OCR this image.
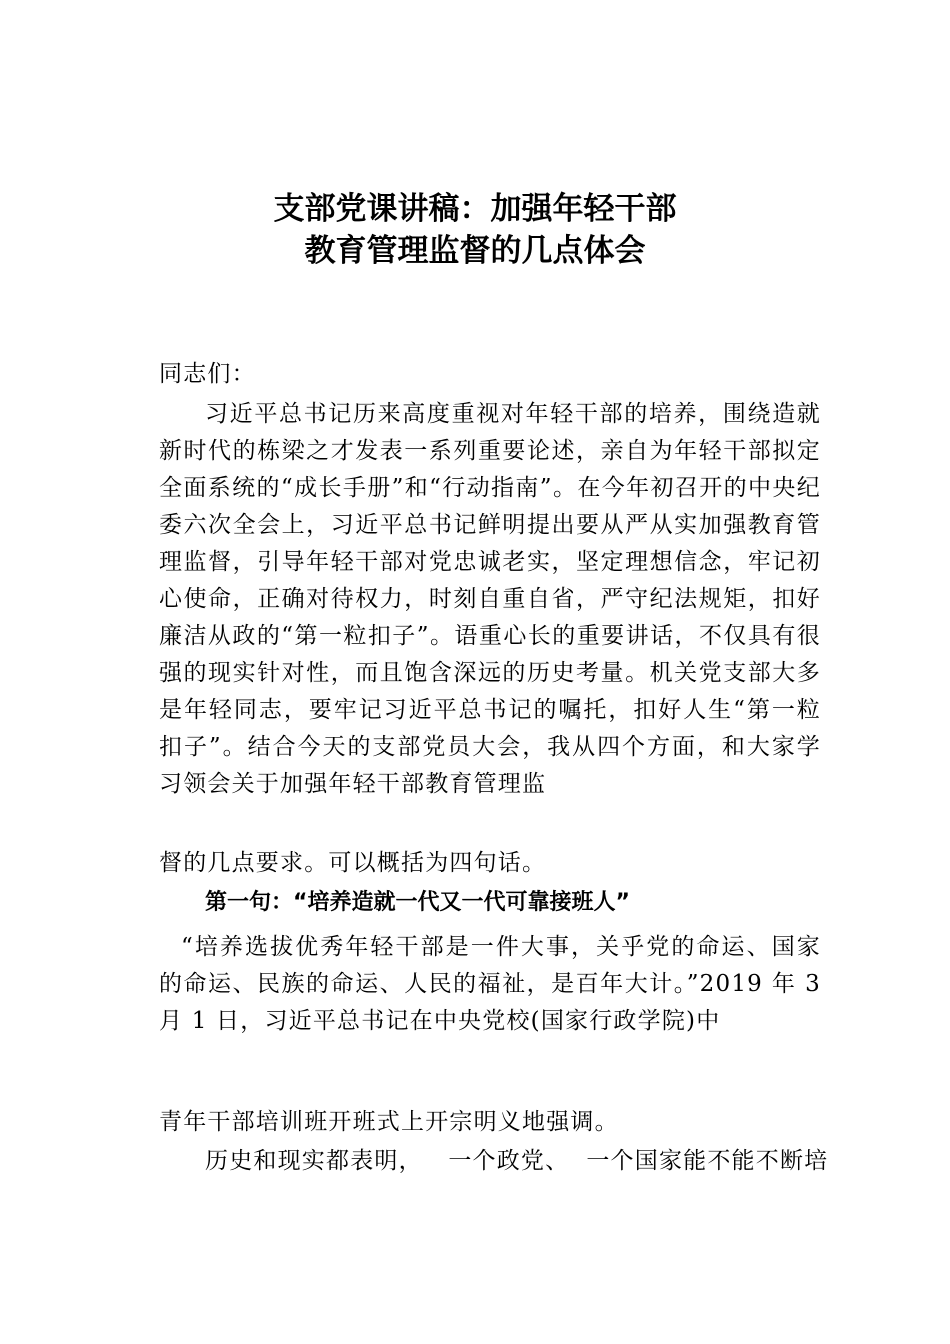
支部党课讲稿：加强年轻干部
教育管理监督的几点体会
同志们：
习近平总书记历来高度重视对年轻干部的培养，围绕造就新时代的栋梁之才发表一系列重要论述，亲自为年轻干部拟定全面系统的“成长手册”和“行动指南”。在今年初召开的中央纪委六次全会上，习近平总书记鲜明提出要从严从实加强教育管理监督，引导年轻干部对党忠诚老实，坚定理想信念，牢记初心使命，正确对待权力，时刻自重自省，严守纪法规矩，扣好廉洁从政的“第一粒扣子”。语重心长的重要讲话，不仅具有很强的现实针对性，而且饱含深远的历史考量。机关党支部大多是年轻同志，要牢记习近平总书记的嘱托，扣好人生“第一粒扣子”。结合今天的支部党员大会，我从四个方面，和大家学习领会关于加强年轻干部教育管理监
督的几点要求。可以概括为四句话。
第一句：“培养造就一代又一代可靠接班人”
“培养选拔优秀年轻干部是一件大事，关乎党的命运、国家的命运、民族的命运、人民的福祉，是百年大计。”2019 年 3 月 1 日，习近平总书记在中央党校(国家行政学院)中
青年干部培训班开班式上开宗明义地强调。
历史和现实都表明，   一个政党、  一个国家能不能不断培
